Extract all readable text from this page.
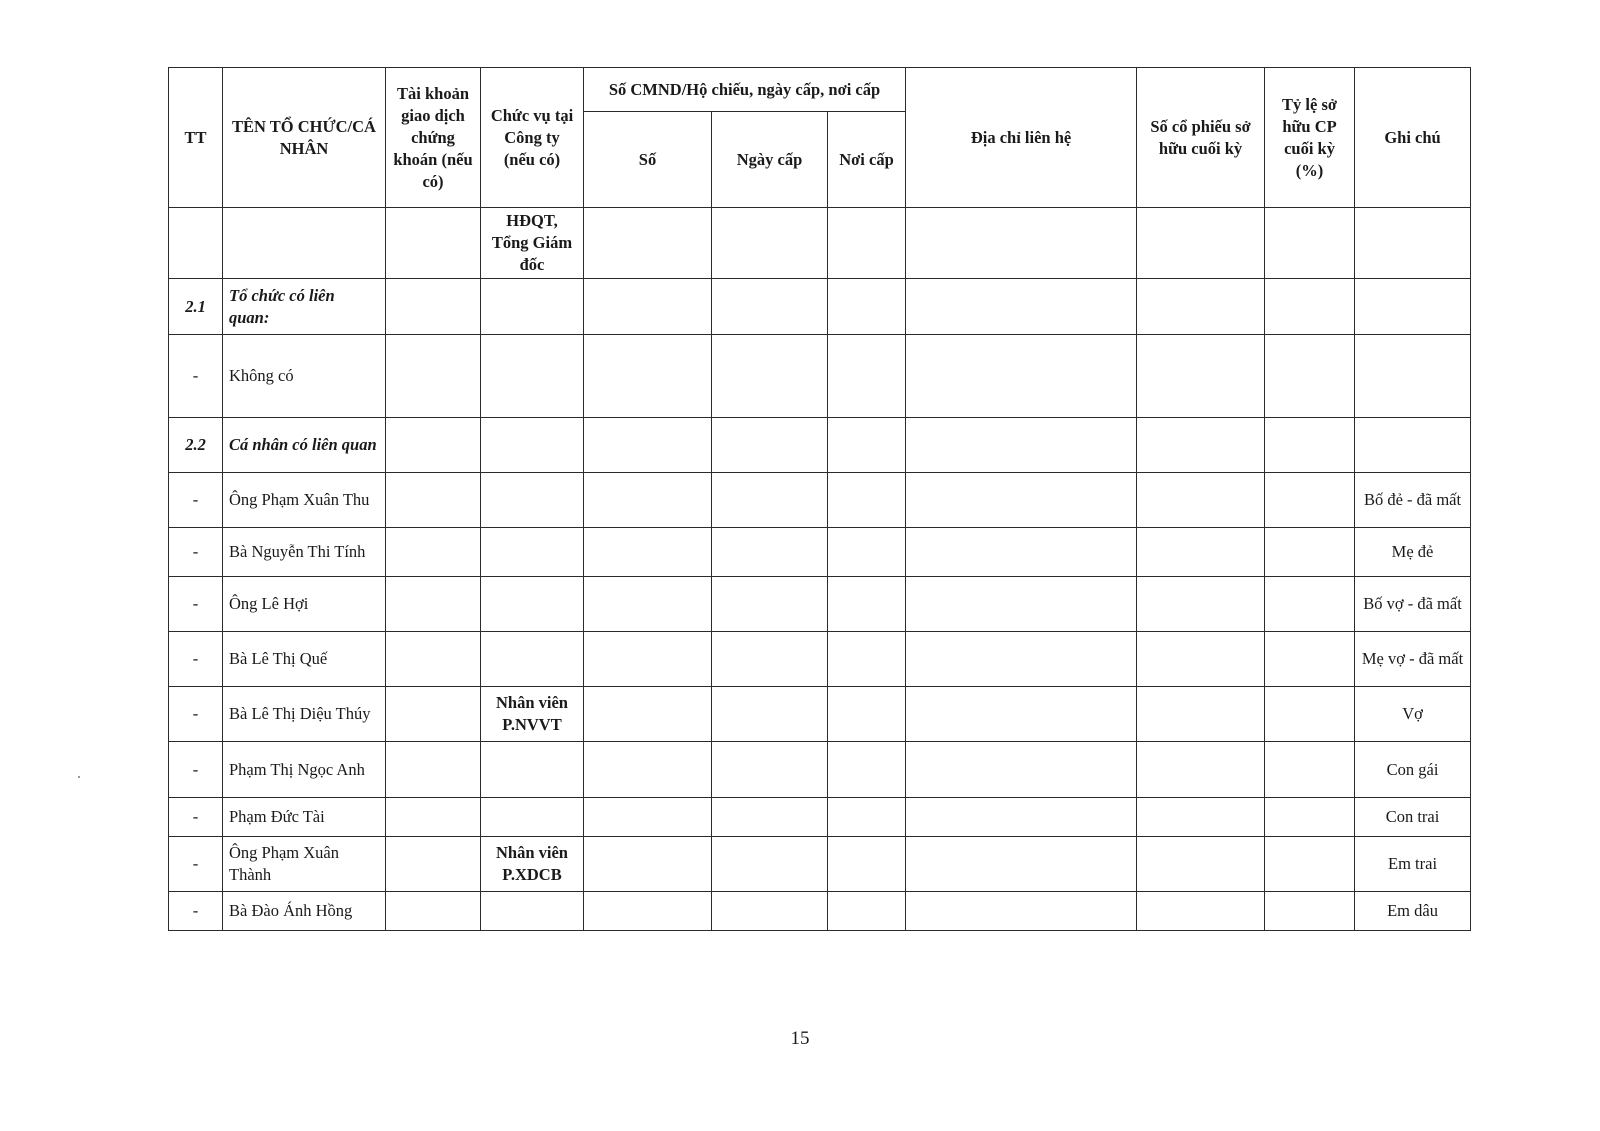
TT	TÊN TỔ CHỨC/CÁ NHÂN	Tài khoản giao dịch chứng khoán (nếu có)	Chức vụ tại Công ty (nếu có)	Số CMND/Hộ chiếu, ngày cấp, nơi cấp			Địa chỉ liên hệ	Số cổ phiếu sở hữu cuối kỳ	Tỷ lệ sở hữu CP cuối kỳ (%)	Ghi chú
				Số	Ngày cấp	Nơi cấp				
			HĐQT, Tổng Giám đốc							
2.1	Tổ chức có liên quan:									
-	Không có									
2.2	Cá nhân có liên quan									
-	Ông Phạm Xuân Thu									Bố đẻ - đã mất
-	Bà Nguyễn Thi Tính									Mẹ đẻ
-	Ông Lê Hợi									Bố vợ - đã mất
-	Bà Lê Thị Quế									Mẹ vợ - đã mất
-	Bà Lê Thị Diệu Thúy		Nhân viên P.NVVT							Vợ
-	Phạm Thị Ngọc Anh									Con gái
-	Phạm Đức Tài									Con trai
-	Ông Phạm Xuân Thành		Nhân viên P.XDCB							Em trai
-	Bà Đào Ánh Hồng									Em dâu
15
